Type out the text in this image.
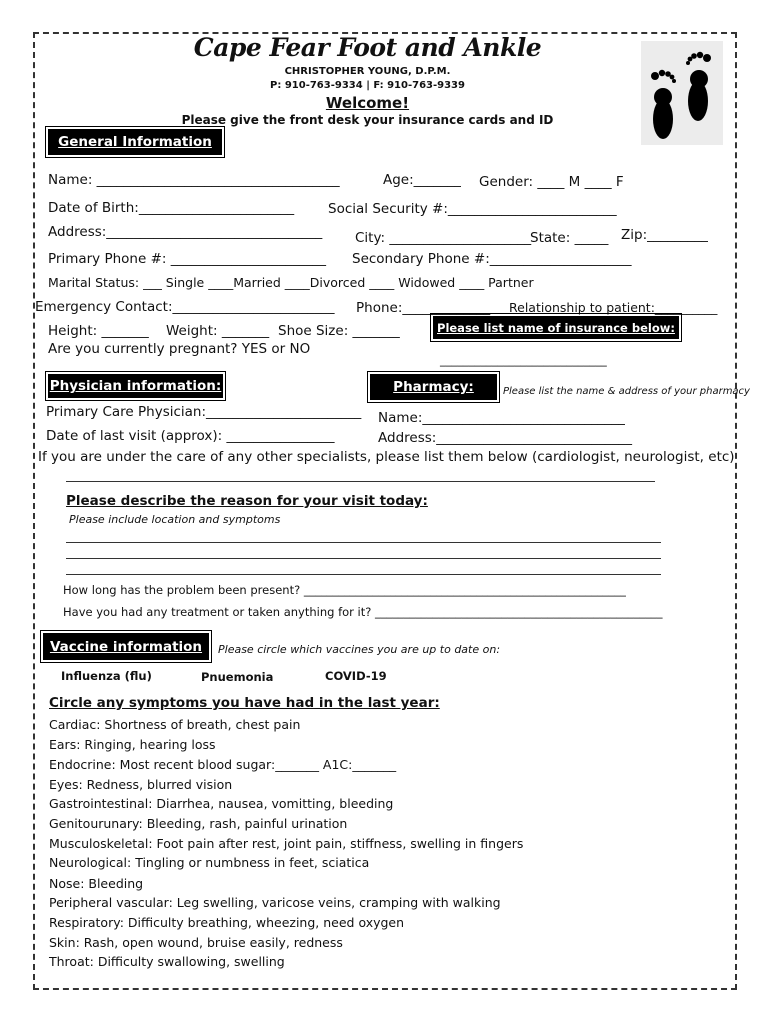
Cape Fear Foot and Ankle
CHRISTOPHER YOUNG, D.P.M.
P: 910-763-9334 | F: 910-763-9339
Welcome!
Please give the front desk your insurance cards and ID
General Information
Name: ____________________________________	Age:_______ Gender: ____ M ____ F
Date of Birth:_______________________	Social Security #:_________________________
Address:________________________________ City: _____________________
State: _____ Zip:_________
Primary Phone #: _______________________ Secondary Phone #:_____________________
Marital Status: ___ Single ____Married ____Divorced ____ Widowed ____ Partner
Emergency Contact:________________________ Phone:_____________ Relationship to patient:__________
Height: _______ Weight: _______ Shoe Size: _______
Are you currently pregnant? YES or NO
Please list name of insurance below:
_____________________________
Physician information:	Pharmacy:	Please list the name & address of your pharmacy
Primary Care Physician:_______________________ Name:______________________________
Date of last visit (approx): ________________	Address:_____________________________
If you are under the care of any other specialists, please list them below (cardiologist, neurologist, etc)
Please describe the reason for your visit today:
Please include location and symptoms
How long has the problem been present? ________________________________________________________
Have you had any treatment or taken anything for it? __________________________________________________
Vaccine information	Please circle which vaccines you are up to date on:
Influenza (flu)	Pnuemonia	COVID-19
Circle any symptoms you have had in the last year:
Cardiac: Shortness of breath, chest pain
Ears: Ringing, hearing loss
Endocrine: Most recent blood sugar:_______ A1C:_______
Eyes: Redness, blurred vision
Gastrointestinal: Diarrhea, nausea, vomitting, bleeding
Genitourunary: Bleeding, rash, painful urination
Musculoskeletal: Foot pain after rest, joint pain, stiffness, swelling in fingers
Neurological: Tingling or numbness in feet, sciatica
Nose: Bleeding
Peripheral vascular: Leg swelling, varicose veins, cramping with walking
Respiratory: Difficulty breathing, wheezing, need oxygen
Skin: Rash, open wound, bruise easily, redness
Throat: Difficulty swallowing, swelling
